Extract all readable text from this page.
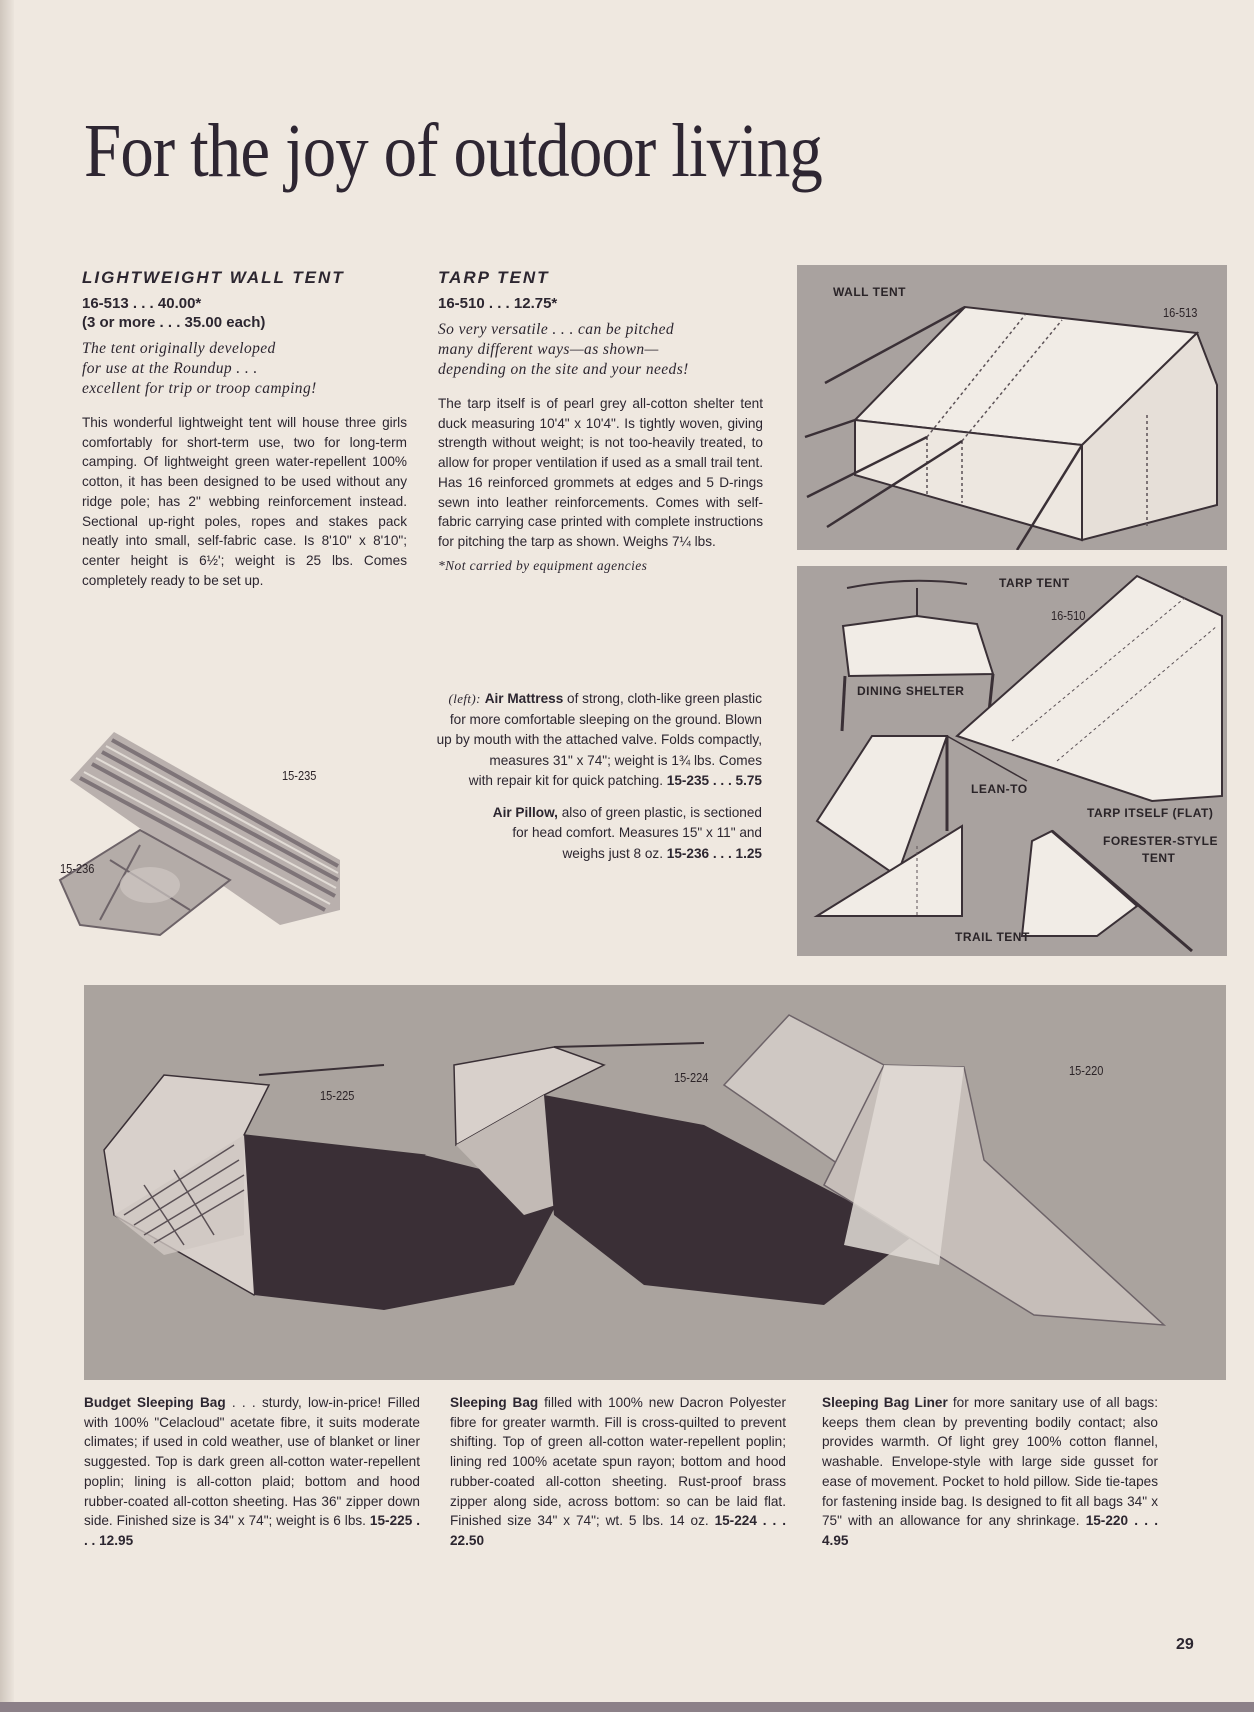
For the joy of outdoor living
LIGHTWEIGHT WALL TENT
16-513 . . . 40.00*
(3 or more . . . 35.00 each)
The tent originally developed
for use at the Roundup . . .
excellent for trip or troop camping!

This wonderful lightweight tent will house three girls comfortably for short-term use, two for long-term camping. Of lightweight green water-repellent 100% cotton, it has been designed to be used without any ridge pole; has 2" webbing reinforcement instead. Sectional up-right poles, ropes and stakes pack neatly into small, self-fabric case. Is 8'10" x 8'10"; center height is 6½'; weight is 25 lbs. Comes completely ready to be set up.

TARP TENT
16-510 . . . 12.75*
So very versatile . . . can be pitched
many different ways—as shown—
depending on the site and your needs!

The tarp itself is of pearl grey all-cotton shelter tent duck measuring 10'4" x 10'4". Is tightly woven, giving strength without weight; is not too-heavily treated, to allow for proper ventilation if used as a small trail tent. Has 16 reinforced grommets at edges and 5 D-rings sewn into leather reinforcements. Comes with self-fabric carrying case printed with complete instructions for pitching the tarp as shown. Weighs 7¼ lbs.

*Not carried by equipment agencies
(left): Air Mattress of strong, cloth-like green plastic
for more comfortable sleeping on the ground. Blown
up by mouth with the attached valve. Folds compactly,
measures 31" x 74"; weight is 1¾ lbs. Comes
with repair kit for quick patching. 15-235 . . . 5.75
Air Pillow, also of green plastic, is sectioned
for head comfort. Measures 15" x 11" and
weighs just 8 oz. 15-236 . . . 1.25
15-235
15-236
WALL TENT
16-513
TARP TENT
16-510
DINING SHELTER
LEAN-TO
TARP ITSELF (FLAT)
FORESTER-STYLE
TENT
TRAIL TENT
15-225
15-224	15-220

Budget Sleeping Bag . . . sturdy, low-in-price! Filled with 100% "Celacloud" acetate fibre, it suits moderate climates; if used in cold weather, use of blanket or liner suggested. Top is dark green all-cotton water-repellent poplin; lining is all-cotton plaid; bottom and hood rubber-coated all-cotton sheeting. Has 36" zipper down side. Finished size is 34" x 74"; weight is 6 lbs. 15-225 . . . 12.95

Sleeping Bag filled with 100% new Dacron Polyester fibre for greater warmth. Fill is cross-quilted to prevent shifting. Top of green all-cotton water-repellent poplin; lining red 100% acetate spun rayon; bottom and hood rubber-coated all-cotton sheeting. Rust-proof brass zipper along side, across bottom: so can be laid flat. Finished size 34" x 74"; wt. 5 lbs. 14 oz. 15-224 . . . 22.50

Sleeping Bag Liner for more sanitary use of all bags: keeps them clean by preventing bodily contact; also provides warmth. Of light grey 100% cotton flannel, washable. Envelope-style with large side gusset for ease of movement. Pocket to hold pillow. Side tie-tapes for fastening inside bag. Is designed to fit all bags 34" x 75" with an allowance for any shrinkage. 15-220 . . . 4.95

29
